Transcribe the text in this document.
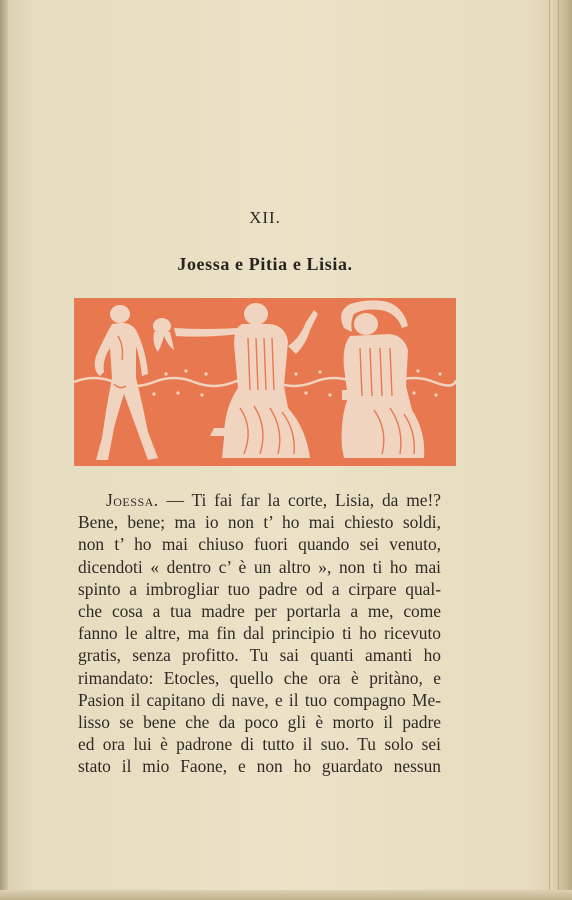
XII.
Joessa e Pitia e Lisia.
Joessa. — Ti fai far la corte, Lisia, da me!?
Bene, bene; ma io non t’ ho mai chiesto soldi,
non t’ ho mai chiuso fuori quando sei venuto,
dicendoti « dentro c’ è un altro », non ti ho mai
spinto a imbrogliar tuo padre od a cirpare qual-
che cosa a tua madre per portarla a me, come
fanno le altre, ma fin dal principio ti ho ricevuto
gratis, senza profitto. Tu sai quanti amanti ho
rimandato: Etocles, quello che ora è pritàno, e
Pasion il capitano di nave, e il tuo compagno Me-
lisso se bene che da poco gli è morto il padre
ed ora lui è padrone di tutto il suo. Tu solo sei
stato il mio Faone, e non ho guardato nessun
